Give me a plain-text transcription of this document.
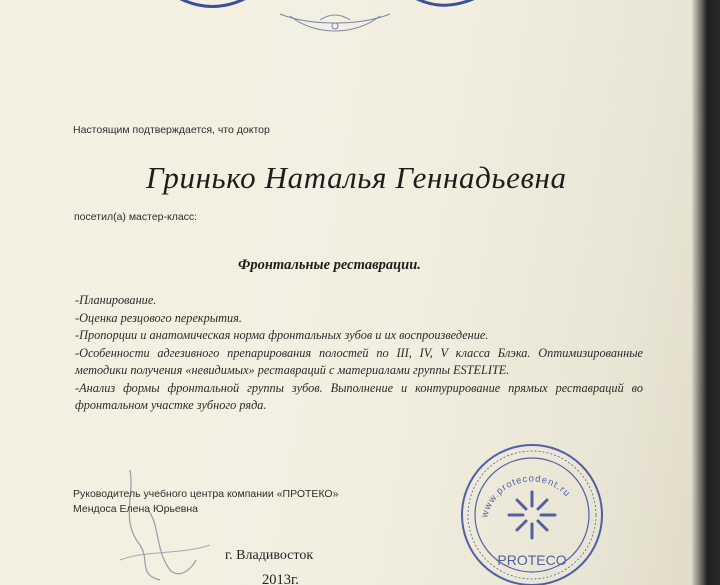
Настоящим подтверждается, что доктор
Гринько Наталья Геннадьевна
посетил(а) мастер-класс:
Фронтальные реставрации.
-Планирование.
-Оценка резцового перекрытия.
-Пропорции и анатомическая норма фронтальных зубов и их воспроизведение.
-Особенности адгезивного препарирования полостей по III, IV, V класса Блэка. Оптимизированные методики получения «невидимых» реставраций с материалами группы ESTELITE.
-Анализ формы фронтальной группы зубов. Выполнение и контурирование прямых реставраций во фронтальном участке зубного ряда.
Руководитель учебного центра компании «ПРОТЕКО»
Мендоса Елена Юрьевна
г. Владивосток
2013г.
www.protecodent.ru
PROTECO
